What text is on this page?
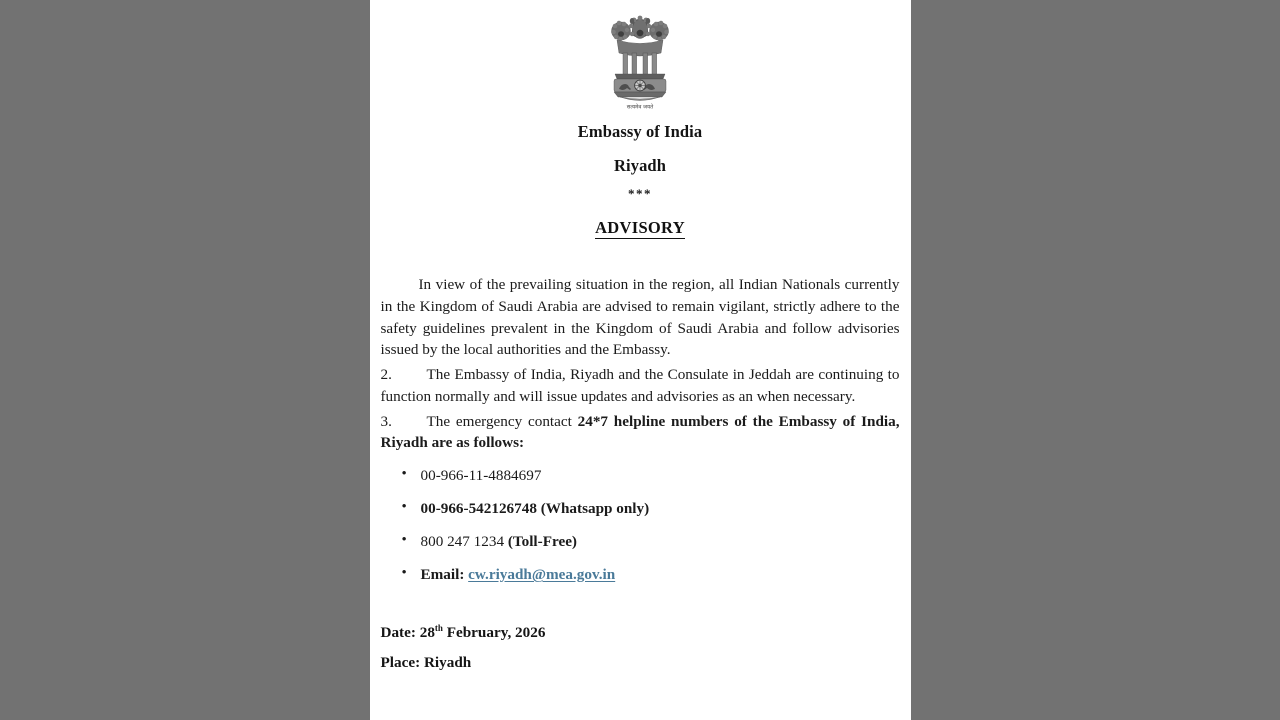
सत्यमेव जयते
Embassy of India
Riyadh
***
ADVISORY

In view of the prevailing situation in the region, all Indian Nationals currently in the Kingdom of Saudi Arabia are advised to remain vigilant, strictly adhere to the safety guidelines prevalent in the Kingdom of Saudi Arabia and follow advisories issued by the local authorities and the Embassy.

2. The Embassy of India, Riyadh and the Consulate in Jeddah are continuing to function normally and will issue updates and advisories as an when necessary.

3. The emergency contact 24*7 helpline numbers of the Embassy of India, Riyadh are as follows:

• 00-966-11-4884697
• 00-966-542126748 (Whatsapp only)
• 800 247 1234 (Toll-Free)
• Email: cw.riyadh@mea.gov.in
Date: 28th February, 2026
Place: Riyadh
